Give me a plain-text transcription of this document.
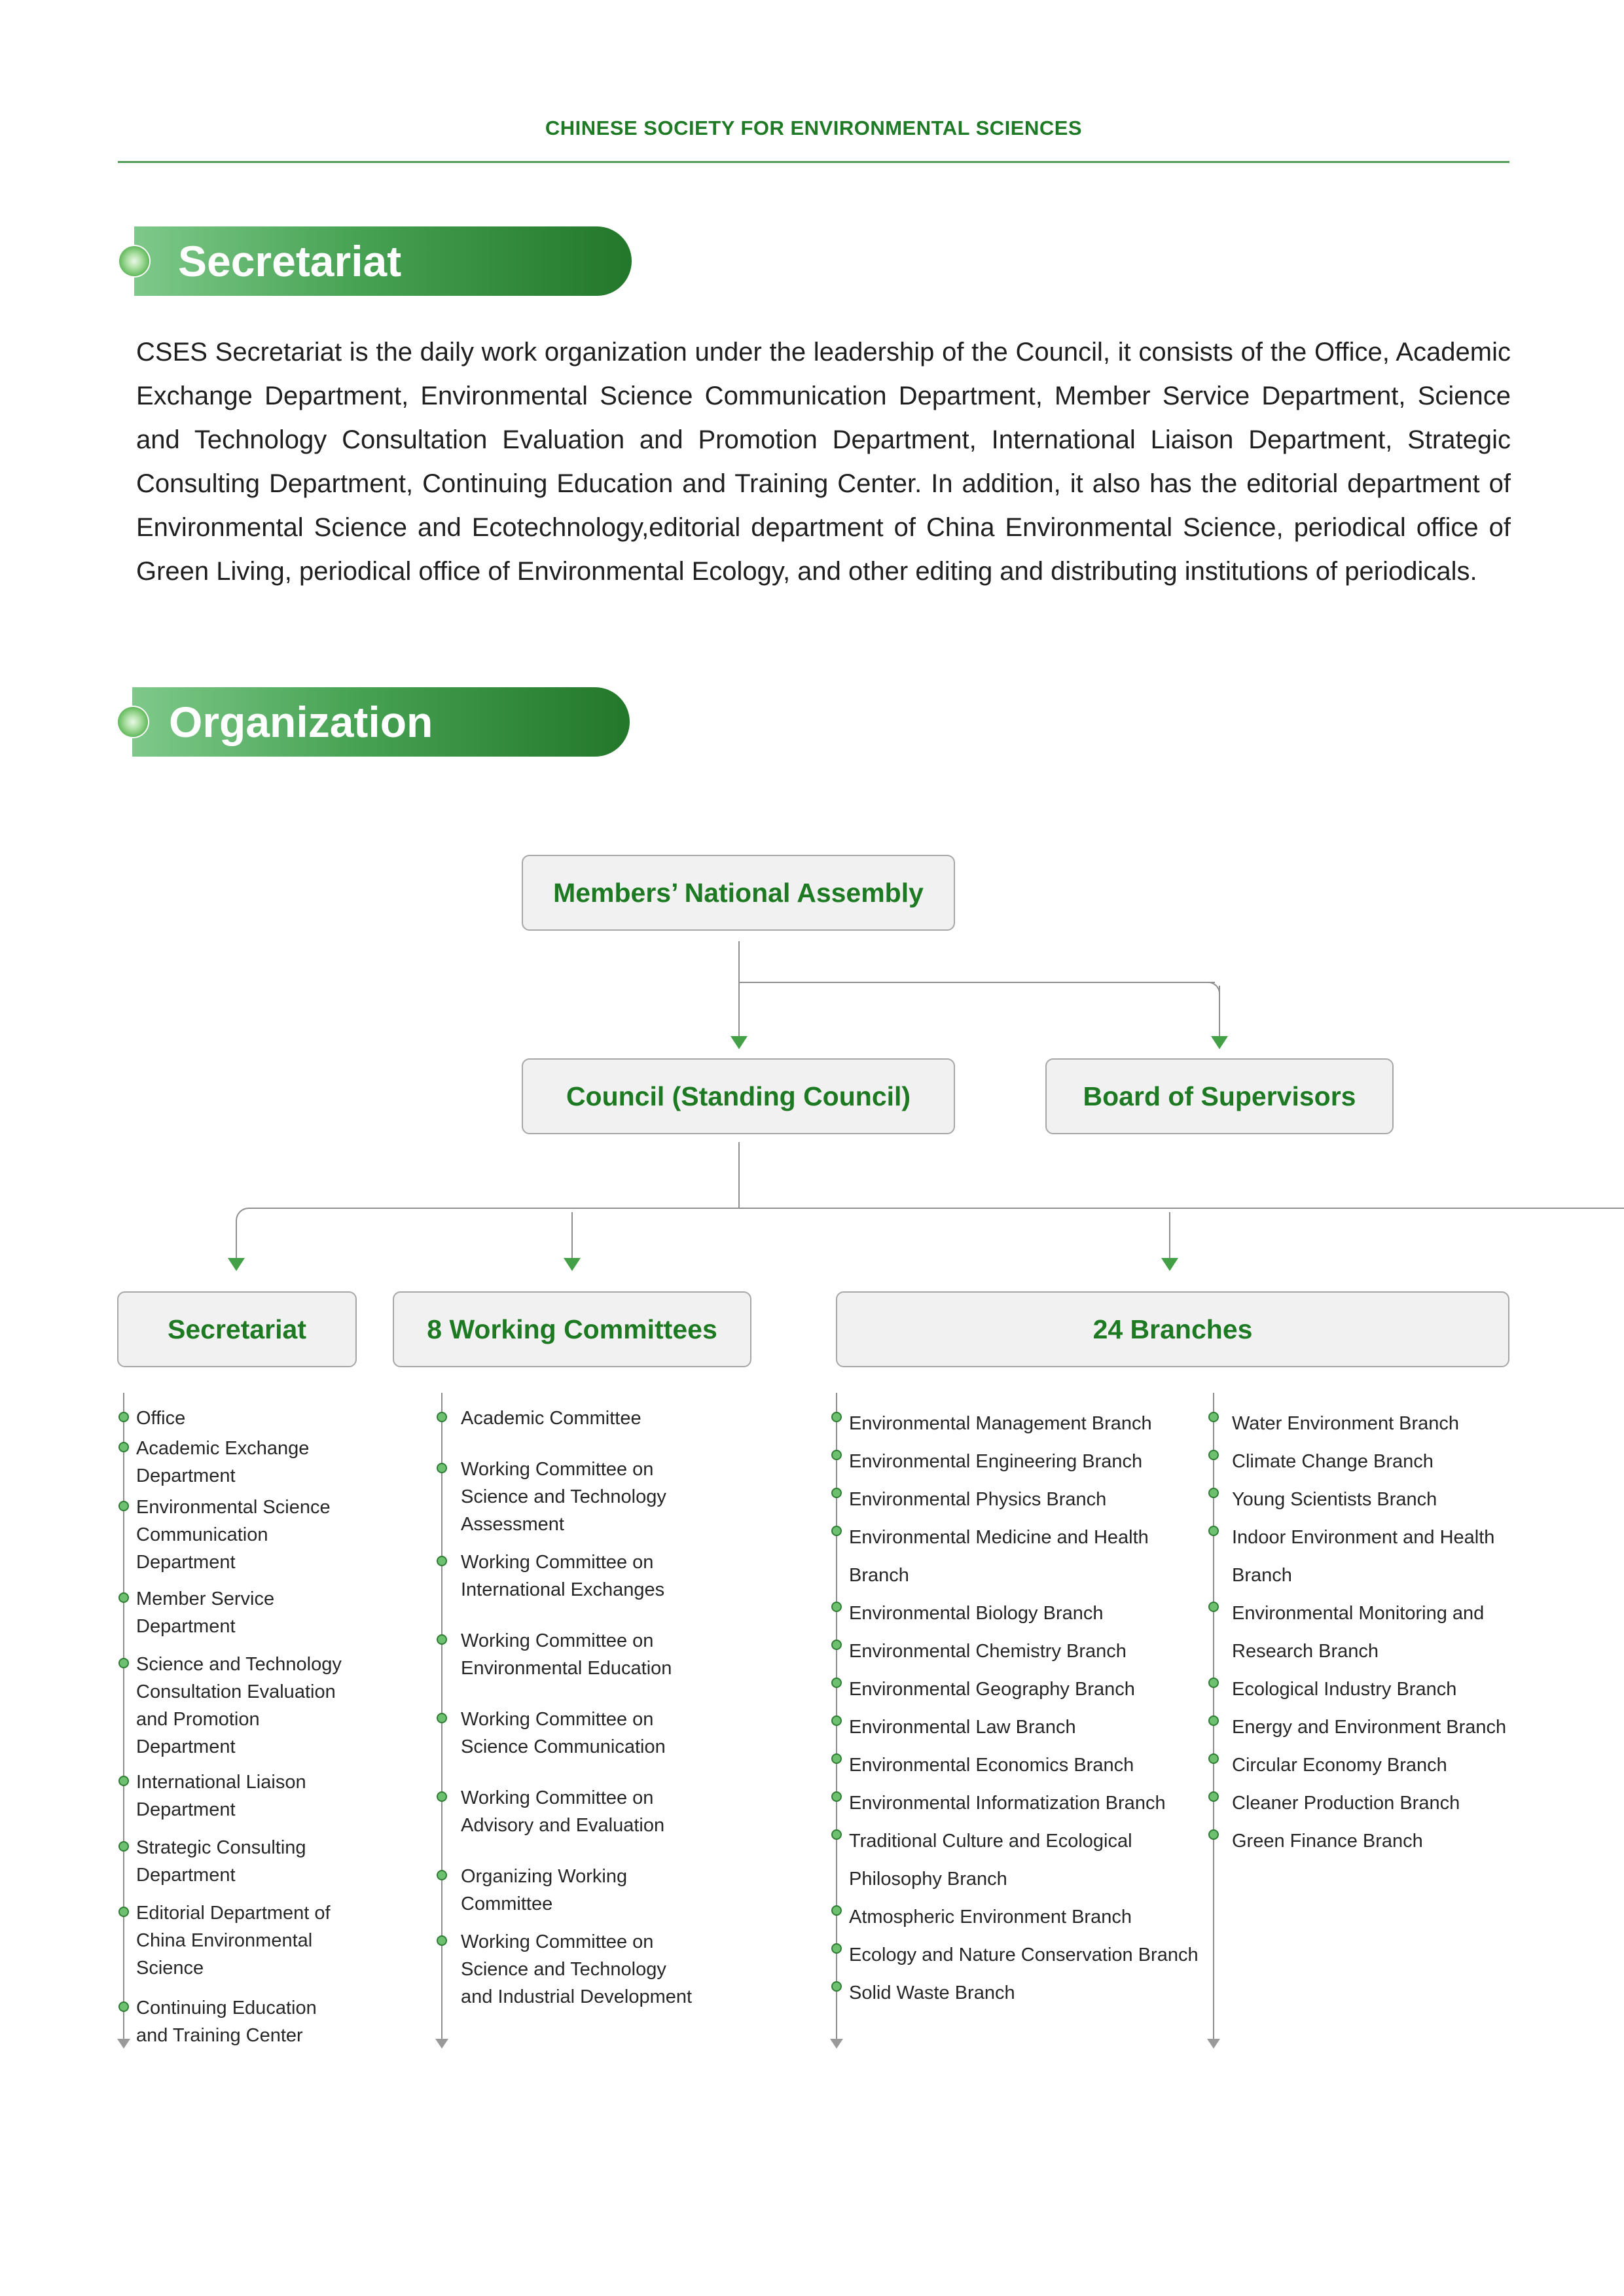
CHINESE SOCIETY FOR ENVIRONMENTAL SCIENCES
Secretariat
CSES Secretariat is the daily work organization under the leadership of the Council, it consists of the Office, Academic Exchange Department, Environmental Science Communication Department, Member Service Department, Science and Technology Consultation Evaluation and Promotion Department, International Liaison Department, Strategic Consulting Department, Continuing Education and Training Center. In addition, it also has the editorial department of Environmental Science and Ecotechnology,editorial department of China Environmental Science, periodical office of Green Living, periodical office of Environmental Ecology, and other editing and distributing institutions of periodicals.
Organization
Members’ National Assembly
Council (Standing Council)	Board of Supervisors
Secretariat	8 Working Committees	24 Branches
Office
Academic Exchange Department
Environmental Science Communication Department
Member Service Department
Science and Technology Consultation Evaluation and Promotion Department
International Liaison Department
Strategic Consulting Department
Editorial Department of China Environmental Science
Continuing Education and Training Center
Academic Committee
Working Committee on Science and Technology Assessment
Working Committee on International Exchanges
Working Committee on Environmental Education
Working Committee on Science Communication
Working Committee on Advisory and Evaluation
Organizing Working Committee
Working Committee on Science and Technology and Industrial Development
Environmental Management Branch
Environmental Engineering Branch
Environmental Physics Branch
Environmental Medicine and Health Branch
Environmental Biology Branch
Environmental Chemistry Branch
Environmental Geography Branch
Environmental Law Branch
Environmental Economics Branch
Environmental Informatization Branch
Traditional Culture and Ecological Philosophy Branch
Atmospheric Environment Branch
Ecology and Nature Conservation Branch
Solid Waste Branch
Water Environment Branch
Climate Change Branch
Young Scientists Branch
Indoor Environment and Health Branch
Environmental Monitoring and Research Branch
Ecological Industry Branch
Energy and Environment Branch
Circular Economy Branch
Cleaner Production Branch
Green Finance Branch
